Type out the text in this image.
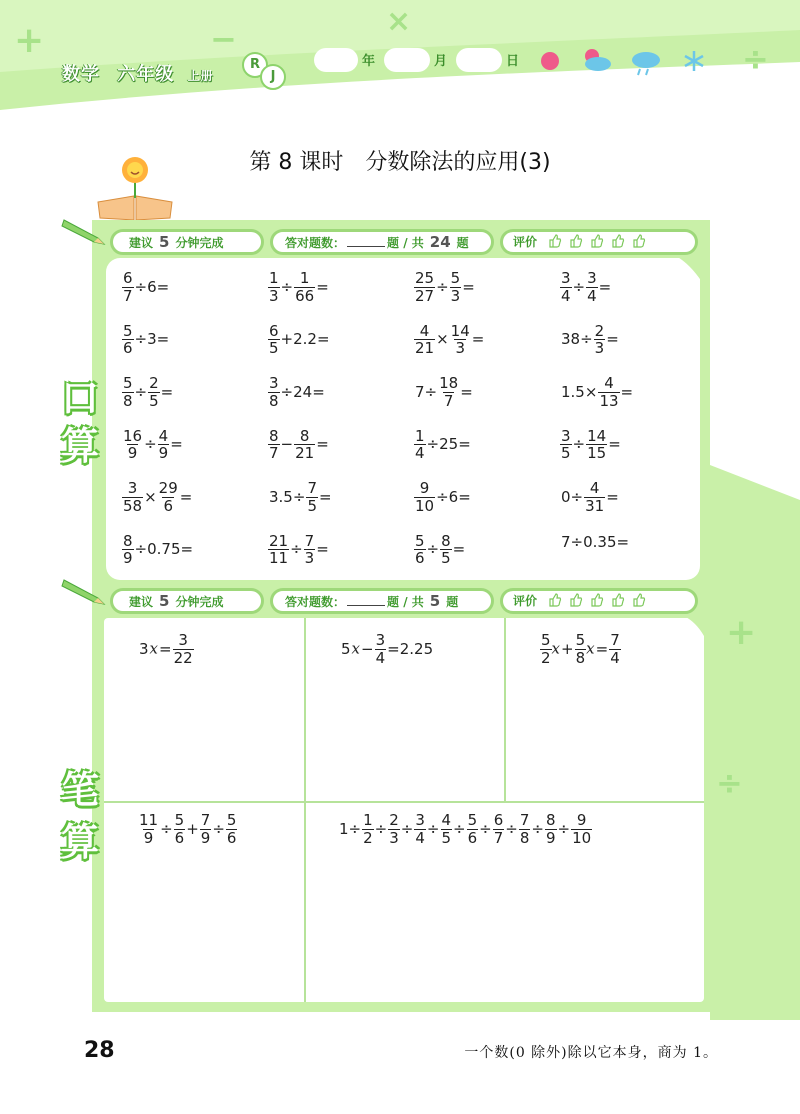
+	−	×
÷
数学 六年级 上册
R
J
年	月	日
第 8 课时　分数除法的应用(3)
建议 5 分钟完成	答对题数：	题 / 共 24 题	评价
口
算
$\frac{6}{7} \div 6=$	$\frac{1}{3} \div \frac{1}{66}$ =	$\frac{25}{27} \div \frac{5}{3}$ =	$\frac{3}{4} \div \frac{3}{4}$ =
$\frac{5}{6} \div 3=$	$\frac{6}{5} +2.2=$	$\frac{4}{21} \times \frac{14}{3}$ =	$38\div \frac{2}{3}$ =
$\frac{5}{8} \div \frac{2}{5}$ =	$\frac{3}{8} \div 24=$	$7\div \frac{18}{7}$ =	$1.5\times \frac{4}{13}$ =
$\frac{16}{9} \div \frac{4}{9}$ =	$\frac{8}{7} - \frac{8}{21}$ =	$\frac{1}{4} \div 25=$	$\frac{3}{5} \div \frac{14}{15}$ =
$\frac{3}{58} \times \frac{29}{6}$ =	$3.5\div \frac{7}{5}$ =	$\frac{9}{10} \div 6=$	$0\div \frac{4}{31}$ =
$\frac{8}{9} \div 0.75=$	$\frac{21}{11} \div \frac{7}{3}$ =	$\frac{5}{6} \div \frac{8}{5}$ =	7÷0.35=
建议 5 分钟完成	答对题数：	题 / 共 5 题	评价
笔
算
$3x= \frac{3}{22}$	$5x- \frac{3}{4} =2.25$	$\frac{5}{2} x+ \frac{5}{8} x= \frac{7}{4}$
$\frac{11}{9} \div \frac{5}{6} + \frac{7}{9} \div \frac{5}{6}$	$1\div \frac{1}{2} \div \frac{2}{3} \div \frac{3}{4} \div \frac{4}{5} \div \frac{5}{6} \div \frac{6}{7} \div \frac{7}{8} \div \frac{8}{9} \div \frac{9}{10}$
+
÷
28	一个数(0 除外)除以它本身，商为 1。
